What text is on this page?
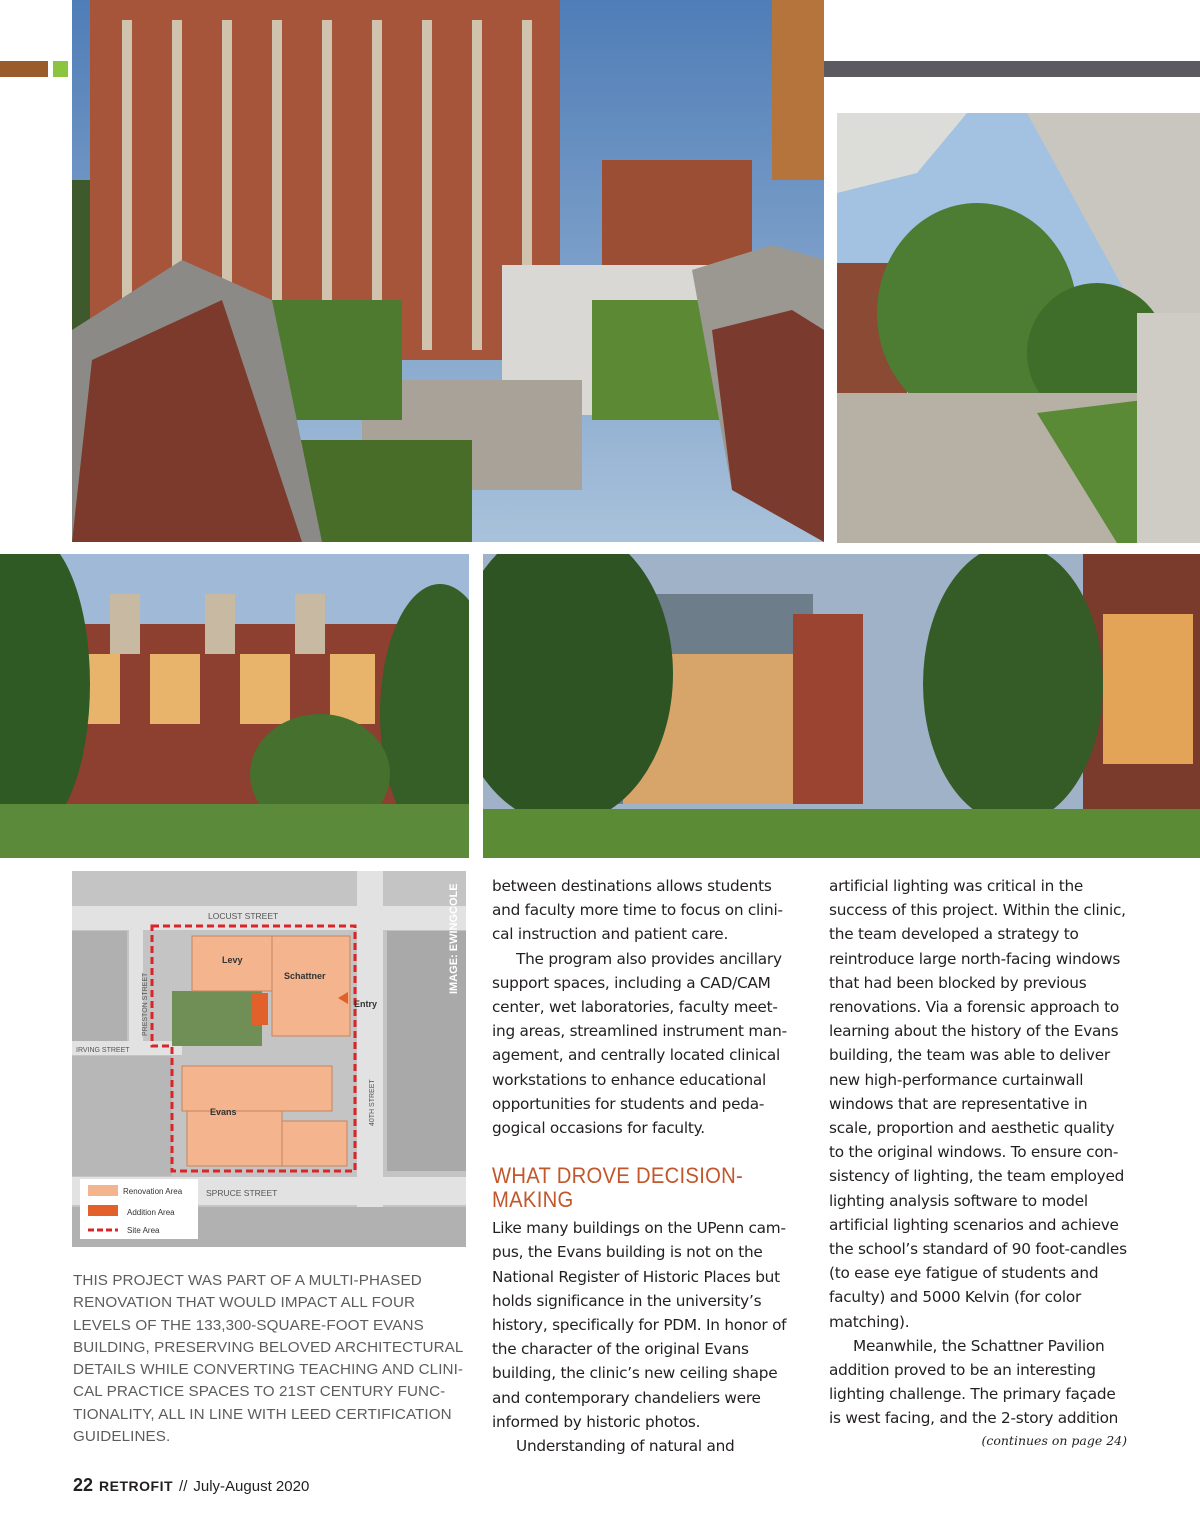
LOCUST STREET
PRESTON STREET
IRVING STREET
40TH STREET
SPRUCE STREET
Levy
Schattner
Evans
Entry
IMAGE: EWINGCOLE
Renovation Area
Addition Area
Site Area
THIS PROJECT WAS PART OF A MULTI-PHASED RENOVATION THAT WOULD IMPACT ALL FOUR LEVELS OF THE 133,300-SQUARE-FOOT EVANS BUILDING, PRESERVING BELOVED ARCHITECTURAL DETAILS WHILE CONVERTING TEACHING AND CLINI-CAL PRACTICE SPACES TO 21ST CENTURY FUNC-TIONALITY, ALL IN LINE WITH LEED CERTIFICATION GUIDELINES.

between destinations allows students and faculty more time to focus on clini-cal instruction and patient care.

The program also provides ancillary support spaces, including a CAD/CAM center, wet laboratories, faculty meet-ing areas, streamlined instrument man-agement, and centrally located clinical workstations to enhance educational opportunities for students and peda-gogical occasions for faculty.

WHAT DROVE DECISION-MAKING

Like many buildings on the UPenn cam-pus, the Evans building is not on the National Register of Historic Places but holds significance in the university’s history, specifically for PDM. In honor of the character of the original Evans building, the clinic’s new ceiling shape and contemporary chandeliers were informed by historic photos.

Understanding of natural and

artificial lighting was critical in the success of this project. Within the clinic, the team developed a strategy to reintroduce large north-facing windows that had been blocked by previous renovations. Via a forensic approach to learning about the history of the Evans building, the team was able to deliver new high-performance curtainwall windows that are representative in scale, proportion and aesthetic quality to the original windows. To ensure con-sistency of lighting, the team employed lighting analysis software to model artificial lighting scenarios and achieve the school’s standard of 90 foot-candles (to ease eye fatigue of students and faculty) and 5000 Kelvin (for color matching).

Meanwhile, the Schattner Pavilion addition proved to be an interesting lighting challenge. The primary façade is west facing, and the 2-story addition

(continues on page 24)
22 RETROFIT // July-August 2020
